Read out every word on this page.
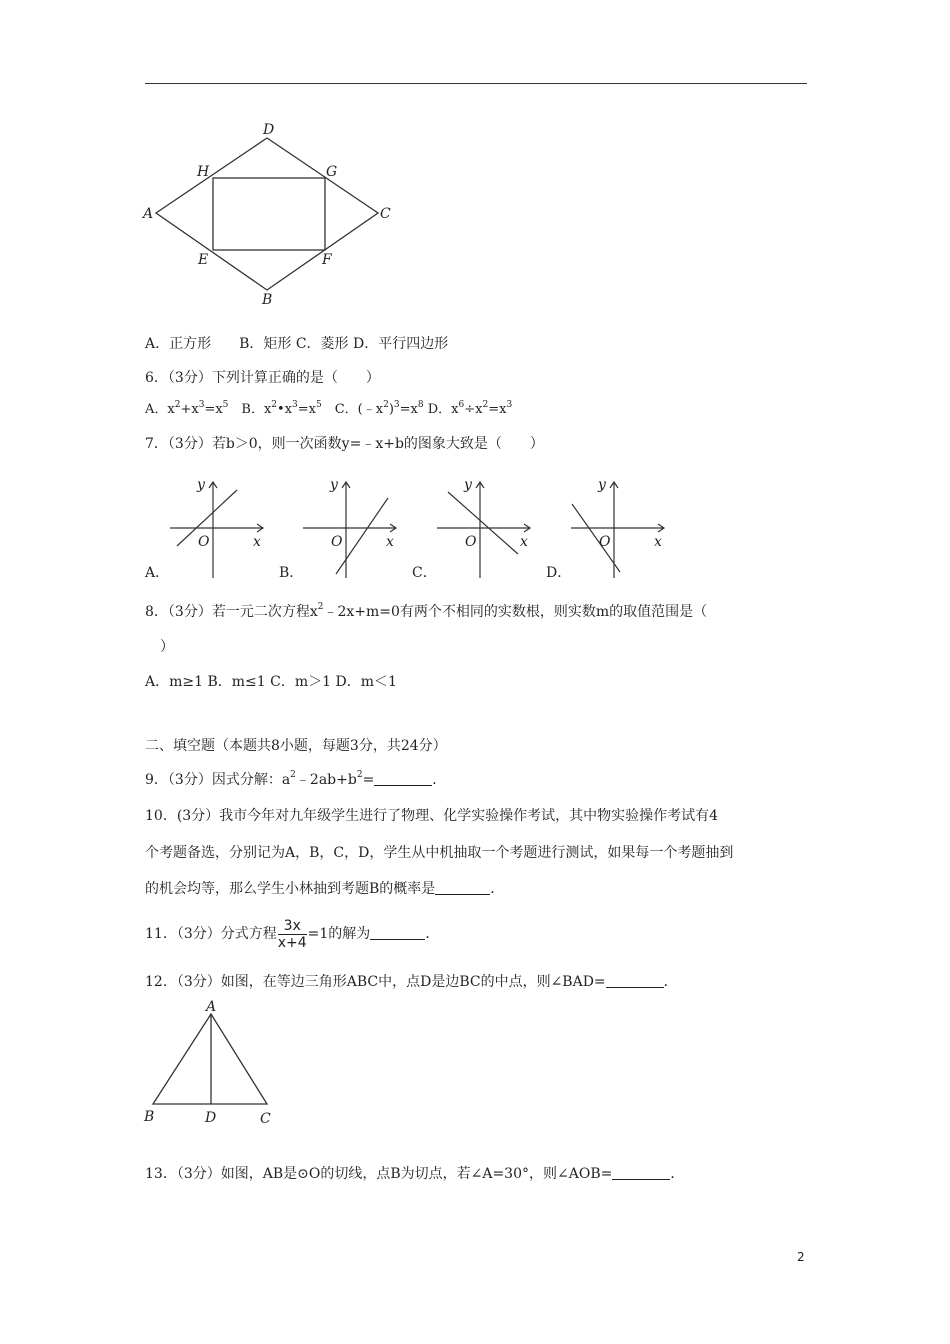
D
H	G
A	C
E	F
B
A．正方形　　B．矩形 C．菱形 D．平行四边形
6．（3分）下列计算正确的是（　　）
A．$x^2+x^3=x^5$　B．$x^2•x^3=x^5$　C．$(﹣x^2)^3=x^8$ D．$x^6\div x^2=x^3$
7．（3分）若b＞0，则一次函数y=﹣x+b的图象大致是（　　）
y
O	x
y
O	x
y
O	x
y
O	x
A．	B．	C．	D．
8．（3分）若一元二次方程$x^2﹣2x+m=0$有两个不相同的实数根，则实数m的取值范围是（
）
A．m≥1 B．m≤1 C．m＞1 D．m＜1
二、填空题（本题共8小题，每题3分，共24分）
9．（3分）因式分解：$a^2﹣2ab+b^2=$	．
10．(3分）我市今年对九年级学生进行了物理、化学实验操作考试，其中物实验操作考试有4
个考题备选，分别记为A，B，C，D，学生从中机抽取一个考题进行测试，如果每一个考题抽到
的机会均等，那么学生小林抽到考题B的概率是	．
11．（3分）分式方程 $\frac{3x}{x+4} =1$的解为	．
12．（3分）如图，在等边三角形ABC中，点D是边BC的中点，则∠BAD=	．
A
B	D	C
13．（3分）如图，AB是⊙O的切线，点B为切点，若∠A=30°，则∠AOB=	．
2
